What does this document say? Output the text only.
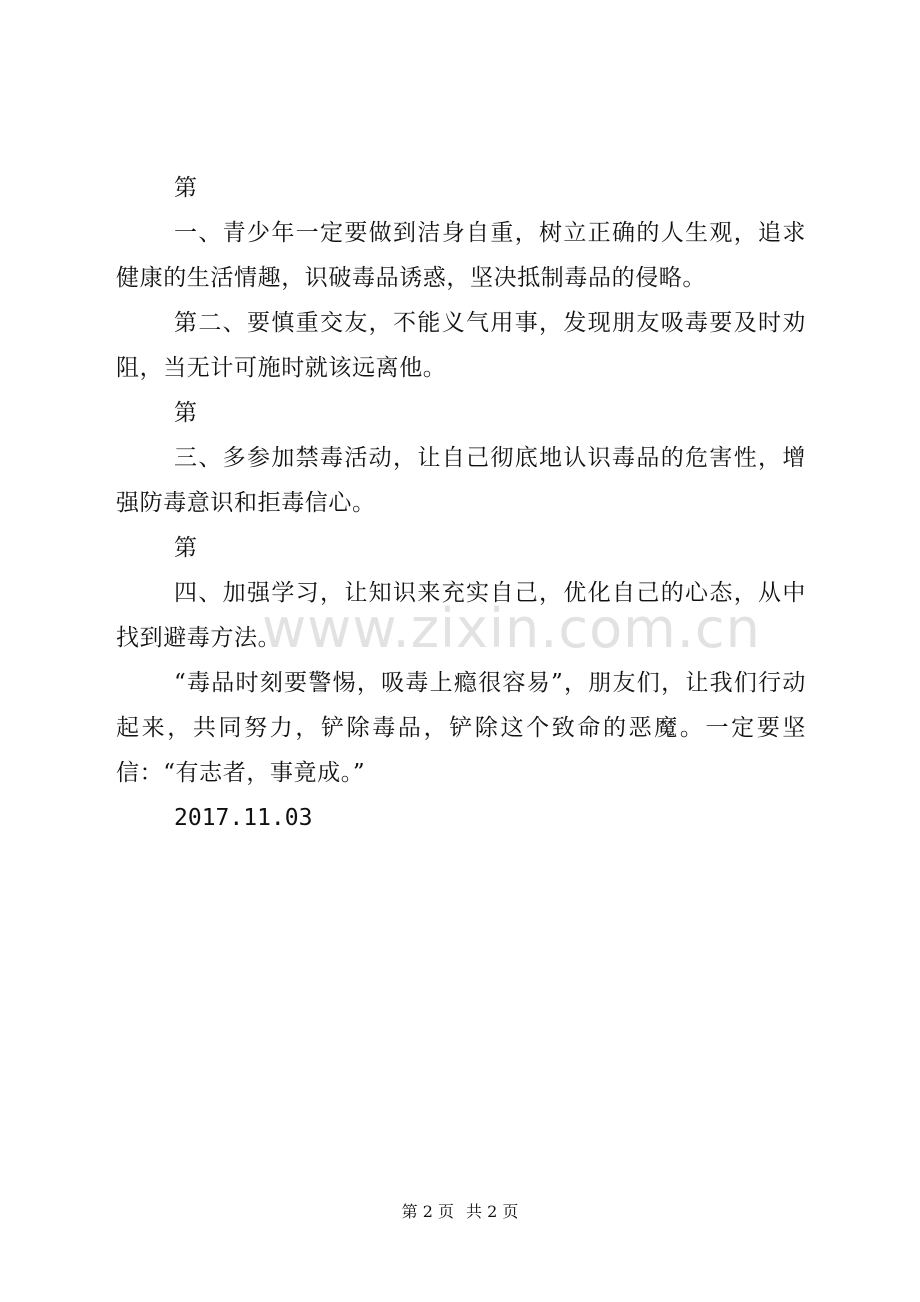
第

一、青少年一定要做到洁身自重，树立正确的人生观，追求健康的生活情趣，识破毒品诱惑，坚决抵制毒品的侵略。

第二、要慎重交友，不能义气用事，发现朋友吸毒要及时劝阻，当无计可施时就该远离他。

第

三、多参加禁毒活动，让自己彻底地认识毒品的危害性，增强防毒意识和拒毒信心。

第

四、加强学习，让知识来充实自己，优化自己的心态，从中找到避毒方法。

“毒品时刻要警惕，吸毒上瘾很容易”，朋友们，让我们行动起来，共同努力，铲除毒品，铲除这个致命的恶魔。一定要坚信：“有志者，事竟成。”

2017.11.03

www.zixin.com.cn
第 2 页 共 2 页
